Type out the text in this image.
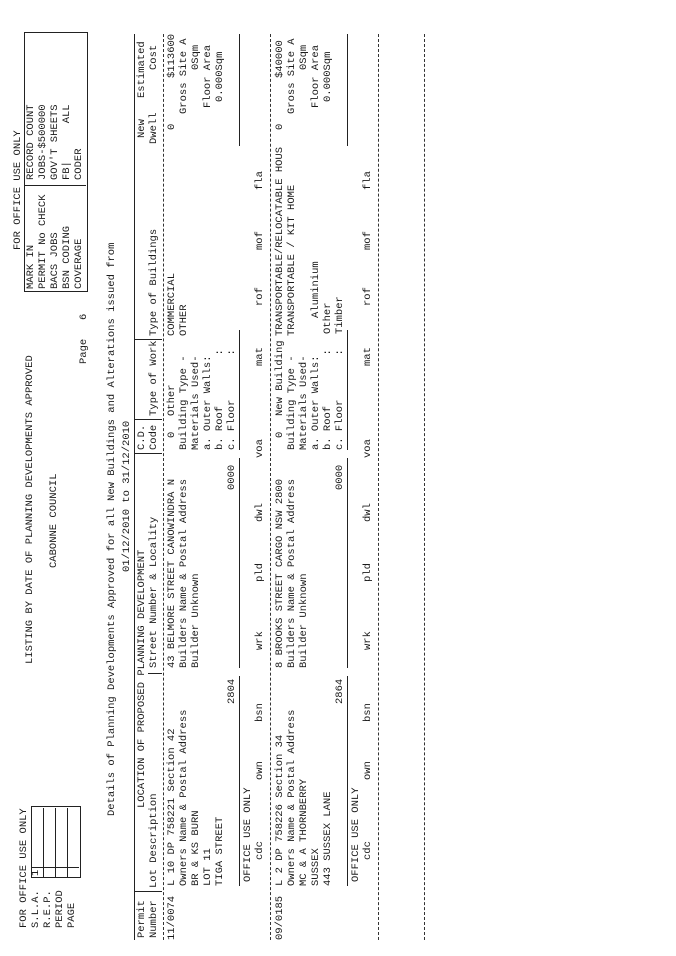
FOR OFFICE USE ONLY S.L.A. R.E.P. PERIOD PAGE
1
LISTING BY DATE OF PLANNING DEVELOPMENTS APPROVED CABONNE COUNCIL
Page
6
FOR OFFICE USE ONLY
MARK IN
RECORD COUNT
PERMIT No CHECK
JOBS-$500000
BACS JOBS
GOV'T SHEETS
BSN CODING
FB|      ALL
COVERAGE
CODER
Details of Planning Developments Approved for all New Buildings and Alterations issued from 01/12/2010 to 31/12/2010
Permit Number
LOCATION OF PROPOSED PLANNING DEVELOPMENT
Lot Description
Street Number & Locality
C.D. Code
Type of Work
Type of Buildings
New Dwell
Estimated Cost
11/0074
L 10 DP 758221 Section 42
43 BELMORE STREET CANOWINDRA N
0
Other
COMMERCIAL OTHER
0
$113600
Owners Name & Postal Address BR & KS BURN LOT 11 TIGA STREET
2804
Builders Name & Postal Address Builder Unknown
0000
Building Type - Materials Used- a. Outer Walls: b. Roof        : c. Floor       :
Gross Site A 0Sqm Floor Area 0.000Sqm
OFFICE USE ONLY cdc
own
bsn
wrk
pld
dwl
voa
mat
rof
mof
fla
09/0185
L 2 DP 758226 Section 34
8 BROOKS STREET CARGO NSW 2800
0
New Building
TRANSPORTABLE/RELOCATABLE HOUS
0
$40000
Owners Name & Postal Address MC & A THORNBERRY SUSSEX 443 SUSSEX LANE
2864
Builders Name & Postal Address Builder Unknown
0000
Building Type - Materials Used- a. Outer Walls: b. Roof        : c. Floor       :
TRANSPORTABLE / KIT HOME Aluminium
Other Timber
Gross Site A 0Sqm Floor Area 0.000Sqm
OFFICE USE ONLY cdc
own
bsn
wrk
pld
dwl
voa
mat
rof
mof
fla
